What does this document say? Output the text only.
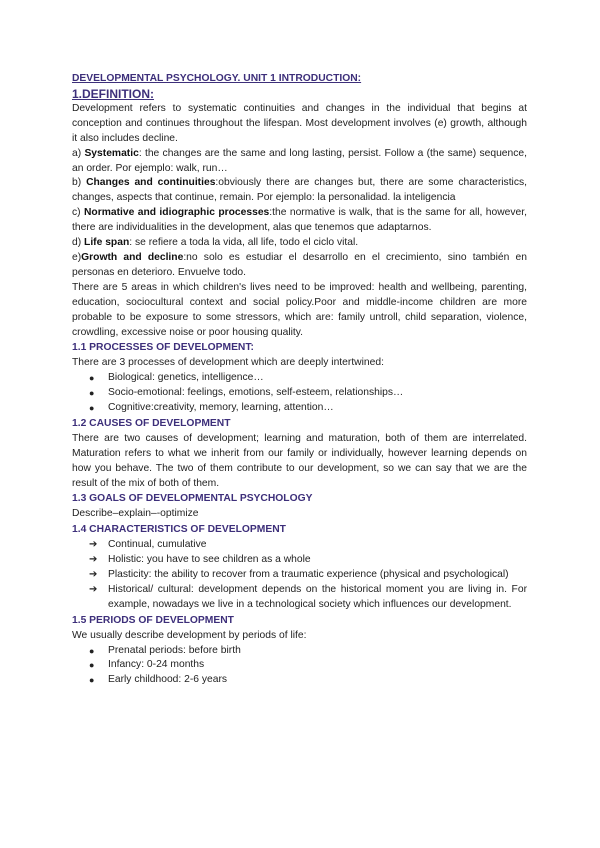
DEVELOPMENTAL PSYCHOLOGY. UNIT 1 INTRODUCTION:

1.DEFINITION:

Development refers to systematic continuities and changes in the individual that begins at conception and continues throughout the lifespan. Most development involves (e) growth, although it also includes decline.

a) Systematic: the changes are the same and long lasting, persist. Follow a (the same) sequence, an order. Por ejemplo: walk, run…

b) Changes and continuities:obviously there are changes but, there are some characteristics, changes, aspects that continue, remain. Por ejemplo: la personalidad. la inteligencia

c) Normative and idiographic processes:the normative is walk, that is the same for all, however, there are individualities in the development, alas que tenemos que adaptarnos.

d) Life span: se refiere a toda la vida, all life, todo el ciclo vital.

e)Growth and decline:no solo es estudiar el desarrollo en el crecimiento, sino también en personas en deterioro. Envuelve todo.

There are 5 areas in which children's lives need to be improved: health and wellbeing, parenting, education, sociocultural context and social policy.Poor and middle-income children are more probable to be exposure to some stressors, which are: family untroll, child separation, violence, crowdling, excessive noise or poor housing quality.

1.1 PROCESSES OF DEVELOPMENT:

There are 3 processes of development which are deeply intertwined:

● Biological: genetics, intelligence…
● Socio-emotional: feelings, emotions, self-esteem, relationships…
● Cognitive:creativity, memory, learning, attention…

1.2 CAUSES OF DEVELOPMENT

There are two causes of development; learning and maturation, both of them are interrelated. Maturation refers to what we inherit from our family or individually, however learning depends on how you behave. The two of them contribute to our development, so we can say that we are the result of the mix of both of them.

1.3 GOALS OF DEVELOPMENTAL PSYCHOLOGY

Describe–explain–-optimize

1.4 CHARACTERISTICS OF DEVELOPMENT

➔ Continual, cumulative
➔ Holistic: you have to see children as a whole
➔ Plasticity: the ability to recover from a traumatic experience (physical and psychological)
➔ Historical/ cultural: development depends on the historical moment you are living in. For example, nowadays we live in a technological society which influences our development.

1.5 PERIODS OF DEVELOPMENT

We usually describe development by periods of life:

● Prenatal periods: before birth
● Infancy: 0-24 months
● Early childhood: 2-6 years
